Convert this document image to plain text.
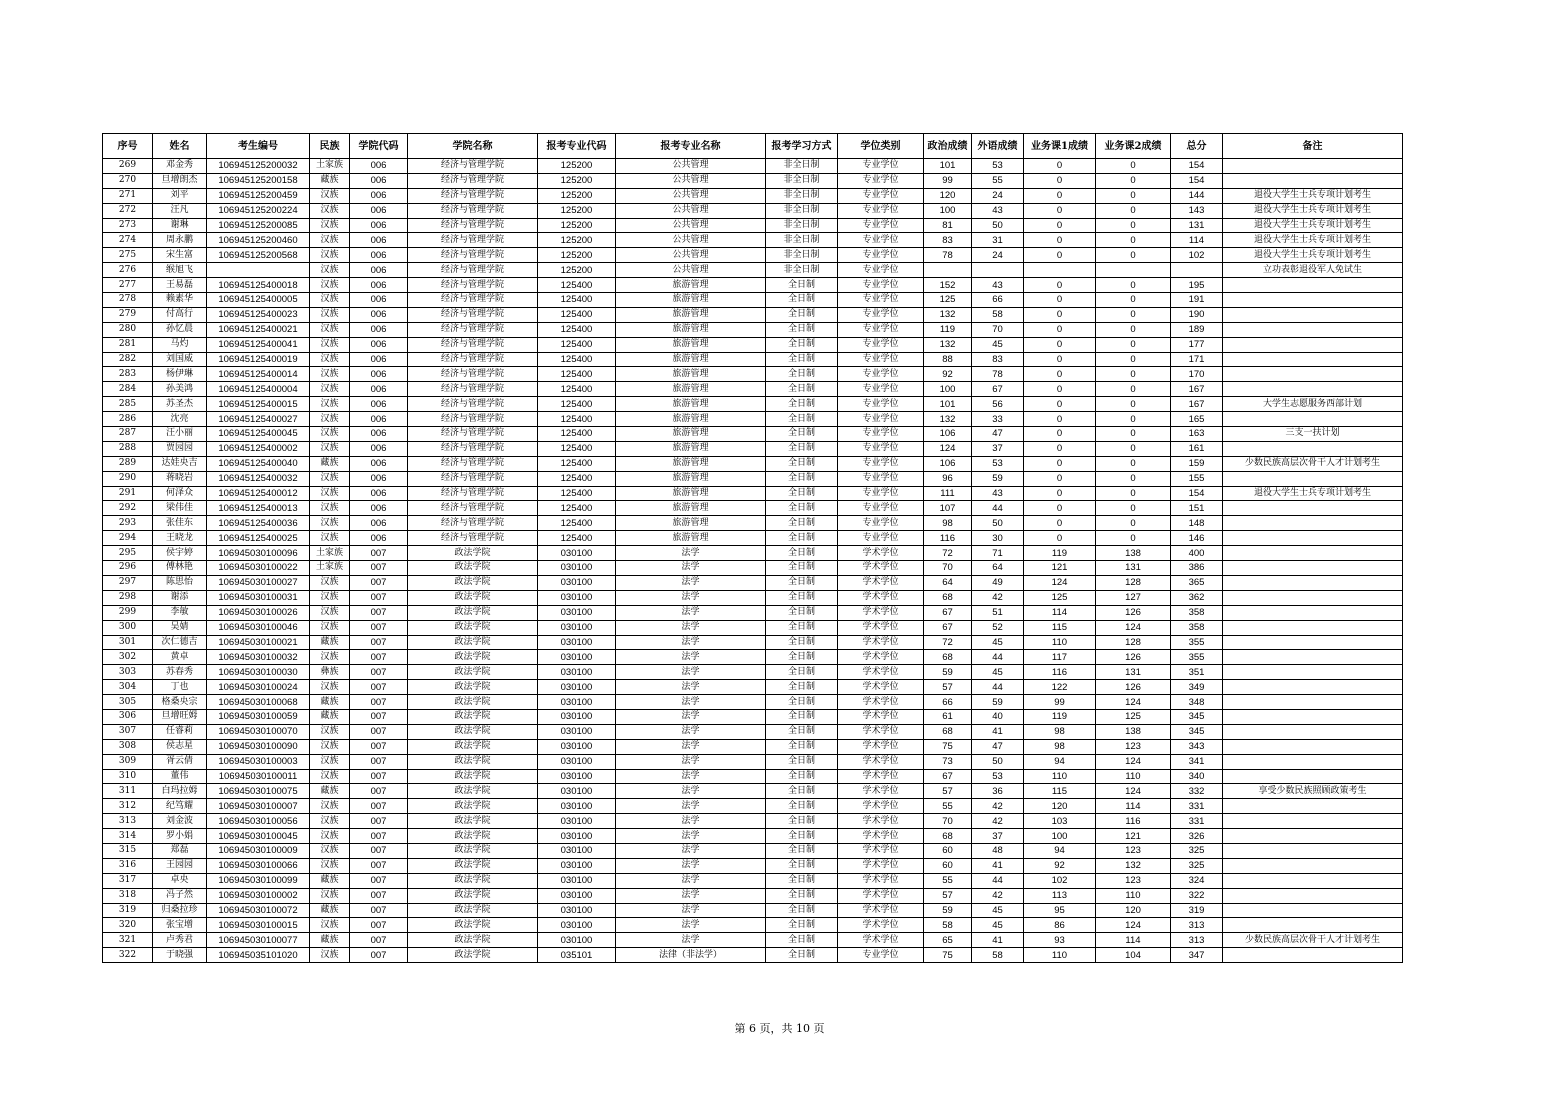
序号	姓名	考生编号	民族	学院代码	学院名称	报考专业代码	报考专业名称	报考学习方式	学位类别	政治成绩	外语成绩	业务课1成绩	业务课2成绩	总分	备注
269	邓金秀	106945125200032	土家族	006	经济与管理学院	125200	公共管理	非全日制	专业学位	101	53	0	0	154	
270	旦增朗杰	106945125200158	藏族	006	经济与管理学院	125200	公共管理	非全日制	专业学位	99	55	0	0	154	
271	刘平	106945125200459	汉族	006	经济与管理学院	125200	公共管理	非全日制	专业学位	120	24	0	0	144	退役大学生士兵专项计划考生
272	汪凡	106945125200224	汉族	006	经济与管理学院	125200	公共管理	非全日制	专业学位	100	43	0	0	143	退役大学生士兵专项计划考生
273	谢琳	106945125200085	汉族	006	经济与管理学院	125200	公共管理	非全日制	专业学位	81	50	0	0	131	退役大学生士兵专项计划考生
274	周永鹏	106945125200460	汉族	006	经济与管理学院	125200	公共管理	非全日制	专业学位	83	31	0	0	114	退役大学生士兵专项计划考生
275	宋生富	106945125200568	汉族	006	经济与管理学院	125200	公共管理	非全日制	专业学位	78	24	0	0	102	退役大学生士兵专项计划考生
276	缑旭飞		汉族	006	经济与管理学院	125200	公共管理	非全日制	专业学位						立功表彰退役军人免试生
277	王易磊	106945125400018	汉族	006	经济与管理学院	125400	旅游管理	全日制	专业学位	152	43	0	0	195	
278	赖素华	106945125400005	汉族	006	经济与管理学院	125400	旅游管理	全日制	专业学位	125	66	0	0	191	
279	付高行	106945125400023	汉族	006	经济与管理学院	125400	旅游管理	全日制	专业学位	132	58	0	0	190	
280	孙忆晨	106945125400021	汉族	006	经济与管理学院	125400	旅游管理	全日制	专业学位	119	70	0	0	189	
281	马灼	106945125400041	汉族	006	经济与管理学院	125400	旅游管理	全日制	专业学位	132	45	0	0	177	
282	刘国威	106945125400019	汉族	006	经济与管理学院	125400	旅游管理	全日制	专业学位	88	83	0	0	171	
283	杨伊琳	106945125400014	汉族	006	经济与管理学院	125400	旅游管理	全日制	专业学位	92	78	0	0	170	
284	孙美鸿	106945125400004	汉族	006	经济与管理学院	125400	旅游管理	全日制	专业学位	100	67	0	0	167	
285	苏圣杰	106945125400015	汉族	006	经济与管理学院	125400	旅游管理	全日制	专业学位	101	56	0	0	167	大学生志愿服务西部计划
286	沈亮	106945125400027	汉族	006	经济与管理学院	125400	旅游管理	全日制	专业学位	132	33	0	0	165	
287	汪小丽	106945125400045	汉族	006	经济与管理学院	125400	旅游管理	全日制	专业学位	106	47	0	0	163	三支一扶计划
288	贾园园	106945125400002	汉族	006	经济与管理学院	125400	旅游管理	全日制	专业学位	124	37	0	0	161	
289	达娃央吉	106945125400040	藏族	006	经济与管理学院	125400	旅游管理	全日制	专业学位	106	53	0	0	159	少数民族高层次骨干人才计划考生
290	蒋晓岩	106945125400032	汉族	006	经济与管理学院	125400	旅游管理	全日制	专业学位	96	59	0	0	155	
291	何泽众	106945125400012	汉族	006	经济与管理学院	125400	旅游管理	全日制	专业学位	111	43	0	0	154	退役大学生士兵专项计划考生
292	梁伟佳	106945125400013	汉族	006	经济与管理学院	125400	旅游管理	全日制	专业学位	107	44	0	0	151	
293	张佳东	106945125400036	汉族	006	经济与管理学院	125400	旅游管理	全日制	专业学位	98	50	0	0	148	
294	王晓龙	106945125400025	汉族	006	经济与管理学院	125400	旅游管理	全日制	专业学位	116	30	0	0	146	
295	侯宇婷	106945030100096	土家族	007	政法学院	030100	法学	全日制	学术学位	72	71	119	138	400	
296	傅林艳	106945030100022	土家族	007	政法学院	030100	法学	全日制	学术学位	70	64	121	131	386	
297	陈思怡	106945030100027	汉族	007	政法学院	030100	法学	全日制	学术学位	64	49	124	128	365	
298	谢添	106945030100031	汉族	007	政法学院	030100	法学	全日制	学术学位	68	42	125	127	362	
299	李敏	106945030100026	汉族	007	政法学院	030100	法学	全日制	学术学位	67	51	114	126	358	
300	吴婧	106945030100046	汉族	007	政法学院	030100	法学	全日制	学术学位	67	52	115	124	358	
301	次仁德吉	106945030100021	藏族	007	政法学院	030100	法学	全日制	学术学位	72	45	110	128	355	
302	黄卓	106945030100032	汉族	007	政法学院	030100	法学	全日制	学术学位	68	44	117	126	355	
303	苏春秀	106945030100030	彝族	007	政法学院	030100	法学	全日制	学术学位	59	45	116	131	351	
304	丁也	106945030100024	汉族	007	政法学院	030100	法学	全日制	学术学位	57	44	122	126	349	
305	格桑央宗	106945030100068	藏族	007	政法学院	030100	法学	全日制	学术学位	66	59	99	124	348	
306	旦增旺姆	106945030100059	藏族	007	政法学院	030100	法学	全日制	学术学位	61	40	119	125	345	
307	任睿莉	106945030100070	汉族	007	政法学院	030100	法学	全日制	学术学位	68	41	98	138	345	
308	侯志星	106945030100090	汉族	007	政法学院	030100	法学	全日制	学术学位	75	47	98	123	343	
309	胥云倩	106945030100003	汉族	007	政法学院	030100	法学	全日制	学术学位	73	50	94	124	341	
310	董伟	106945030100011	汉族	007	政法学院	030100	法学	全日制	学术学位	67	53	110	110	340	
311	白玛拉姆	106945030100075	藏族	007	政法学院	030100	法学	全日制	学术学位	57	36	115	124	332	享受少数民族照顾政策考生
312	纪笃耀	106945030100007	汉族	007	政法学院	030100	法学	全日制	学术学位	55	42	120	114	331	
313	刘金波	106945030100056	汉族	007	政法学院	030100	法学	全日制	学术学位	70	42	103	116	331	
314	罗小娟	106945030100045	汉族	007	政法学院	030100	法学	全日制	学术学位	68	37	100	121	326	
315	郑磊	106945030100009	汉族	007	政法学院	030100	法学	全日制	学术学位	60	48	94	123	325	
316	王园园	106945030100066	汉族	007	政法学院	030100	法学	全日制	学术学位	60	41	92	132	325	
317	卓央	106945030100099	藏族	007	政法学院	030100	法学	全日制	学术学位	55	44	102	123	324	
318	冯子然	106945030100002	汉族	007	政法学院	030100	法学	全日制	学术学位	57	42	113	110	322	
319	归桑拉珍	106945030100072	藏族	007	政法学院	030100	法学	全日制	学术学位	59	45	95	120	319	
320	张宝增	106945030100015	汉族	007	政法学院	030100	法学	全日制	学术学位	58	45	86	124	313	
321	卢秀君	106945030100077	藏族	007	政法学院	030100	法学	全日制	学术学位	65	41	93	114	313	少数民族高层次骨干人才计划考生
322	于晓强	106945035101020	汉族	007	政法学院	035101	法律（非法学）	全日制	专业学位	75	58	110	104	347	
第 6 页，共 10 页
